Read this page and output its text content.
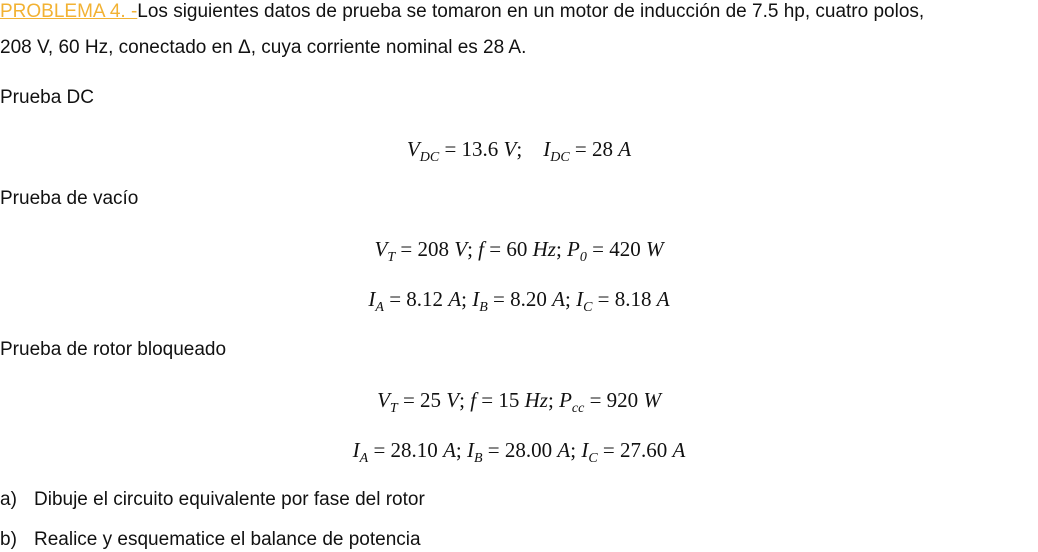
PROBLEMA 4. -Los siguientes datos de prueba se tomaron en un motor de inducción de 7.5 hp, cuatro polos,
208 V, 60 Hz, conectado en Δ, cuya corriente nominal es 28 A.
Prueba DC
$V_{DC} = 13.6$ V; $I_{DC} = 28$ A
Prueba de vacío
$V_T = 208$ V; f = 60 Hz; $P_0 = 420$ W
$I_A = 8.12$ A; $I_B = 8.20$ A; $I_C = 8.18$ A
Prueba de rotor bloqueado
$V_T = 25$ V; f = 15 Hz; $P_{cc} = 920$ W
$I_A = 28.10$ A; $I_B = 28.00$ A; $I_C = 27.60$ A
a) Dibuje el circuito equivalente por fase del rotor
b) Realice y esquematice el balance de potencia
